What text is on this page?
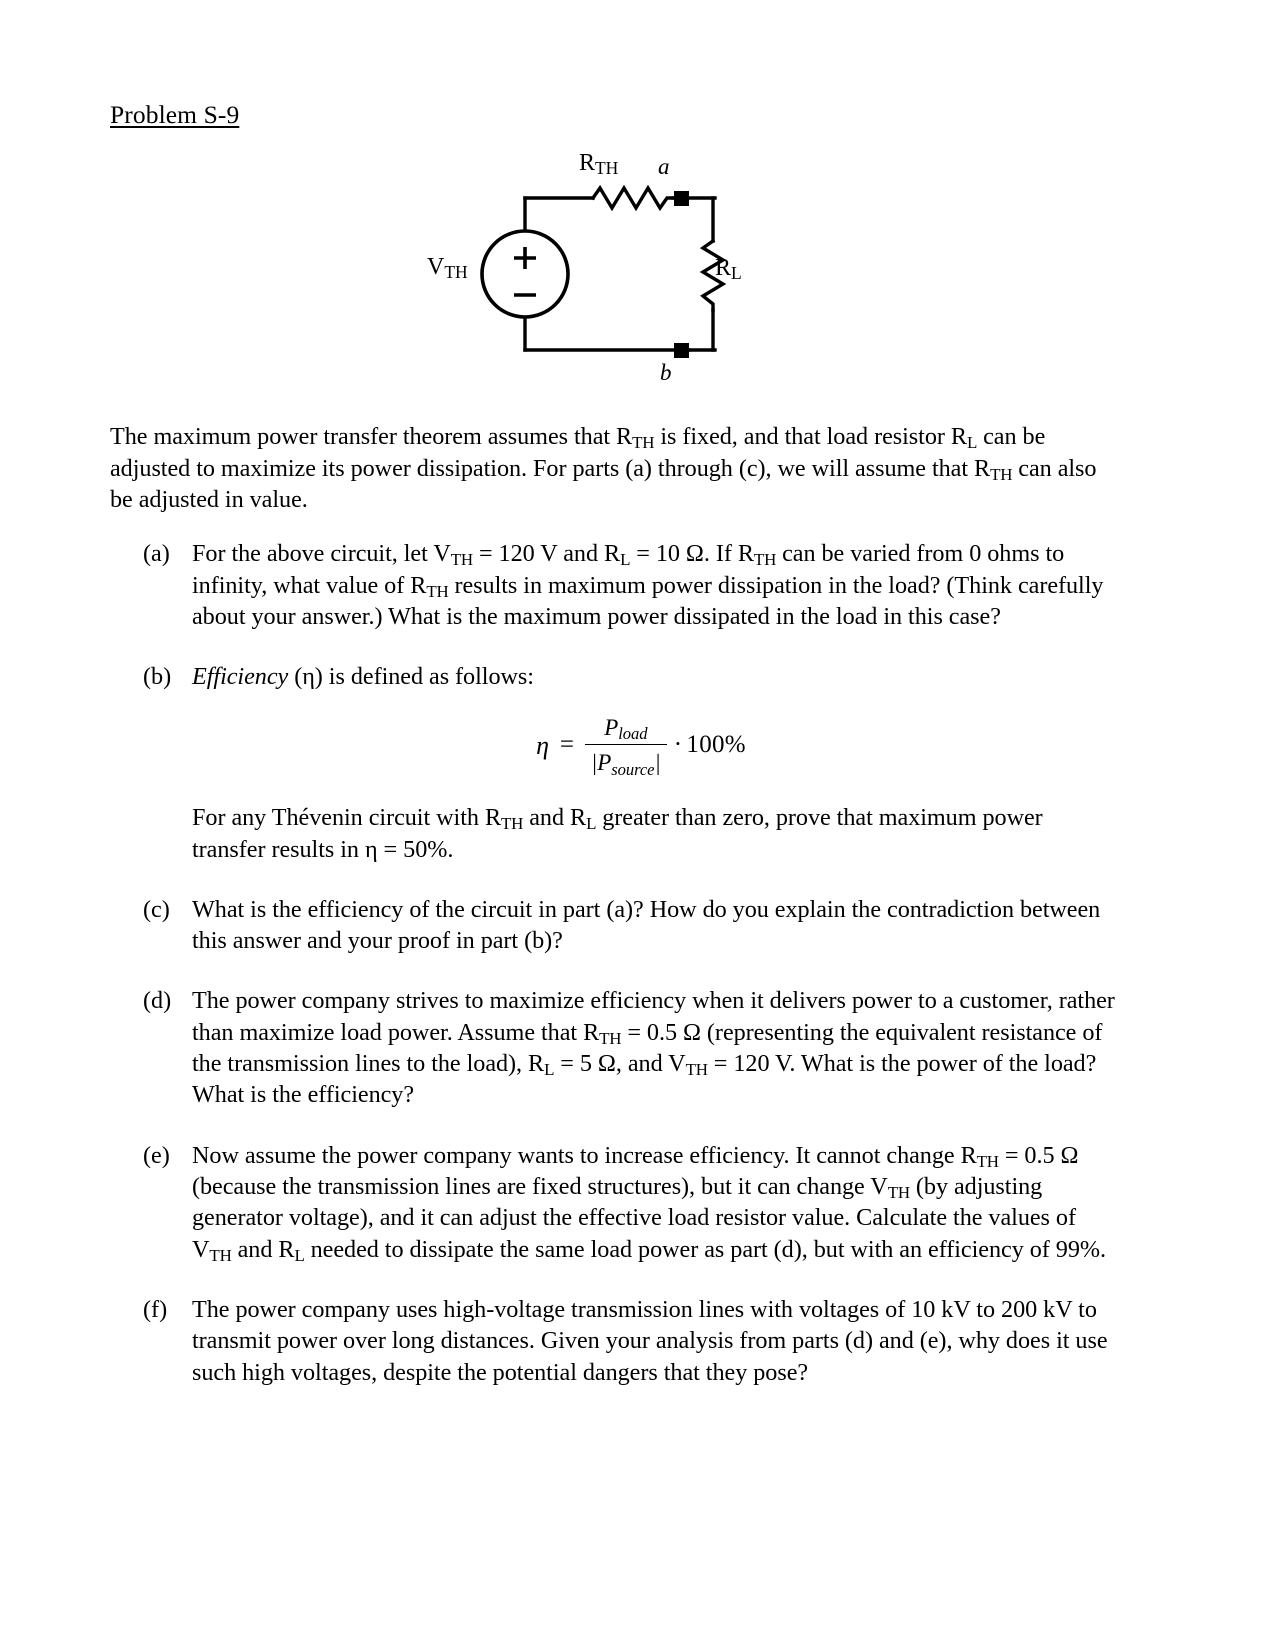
Problem S-9
$R_{TH}$ a
$V_{TH}$	$R_L$
b

The maximum power transfer theorem assumes that $R_{TH}$ is fixed, and that load resistor $R_L$ can be adjusted to maximize its power dissipation. For parts (a) through (c), we will assume that $R_{TH}$ can also be adjusted in value.

(a) For the above circuit, let $V_{TH} = 120$ V and $R_L = 10$ Ω. If $R_{TH}$ can be varied from 0 ohms to infinity, what value of $R_{TH}$ results in maximum power dissipation in the load? (Think carefully about your answer.) What is the maximum power dissipated in the load in this case?
(b) Efficiency (η) is defined as follows:
$\eta = \frac{P_{load}}{|P_{source}|} \cdot 100\%$
For any Thévenin circuit with $R_{TH}$ and $R_L$ greater than zero, prove that maximum power transfer results in η = 50%.
(c) What is the efficiency of the circuit in part (a)? How do you explain the contradiction between this answer and your proof in part (b)?
(d) The power company strives to maximize efficiency when it delivers power to a customer, rather than maximize load power. Assume that $R_{TH} = 0.5$ Ω (representing the equivalent resistance of the transmission lines to the load), $R_L = 5$ Ω, and $V_{TH} = 120$ V. What is the power of the load? What is the efficiency?
(e) Now assume the power company wants to increase efficiency. It cannot change $R_{TH} = 0.5$ Ω (because the transmission lines are fixed structures), but it can change $V_{TH}$ (by adjusting generator voltage), and it can adjust the effective load resistor value. Calculate the values of $V_{TH}$ and $R_L$ needed to dissipate the same load power as part (d), but with an efficiency of 99%.
(f)	The power company uses high-voltage transmission lines with voltages of 10 kV to 200 kV to transmit power over long distances. Given your analysis from parts (d) and (e), why does it use such high voltages, despite the potential dangers that they pose?
